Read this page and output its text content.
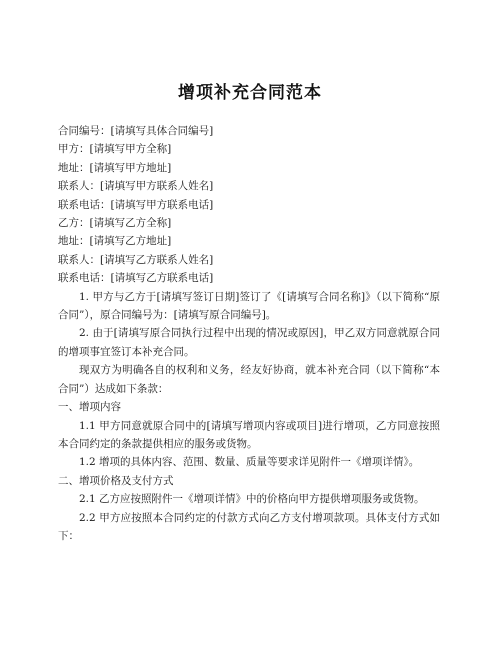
增项补充合同范本
合同编号：[请填写具体合同编号]
甲方：[请填写甲方全称]
地址：[请填写甲方地址]
联系人：[请填写甲方联系人姓名]
联系电话：[请填写甲方联系电话]
乙方：[请填写乙方全称]
地址：[请填写乙方地址]
联系人：[请填写乙方联系人姓名]
联系电话：[请填写乙方联系电话]
1. 甲方与乙方于[请填写签订日期]签订了《[请填写合同名称]》（以下简称“原合同”），原合同编号为：[请填写原合同编号]。
2. 由于[请填写原合同执行过程中出现的情况或原因]，甲乙双方同意就原合同的增项事宜签订本补充合同。
现双方为明确各自的权利和义务，经友好协商，就本补充合同（以下简称“本合同”）达成如下条款：
一、增项内容
1.1 甲方同意就原合同中的[请填写增项内容或项目]进行增项，乙方同意按照本合同约定的条款提供相应的服务或货物。
1.2 增项的具体内容、范围、数量、质量等要求详见附件一《增项详情》。
二、增项价格及支付方式
2.1 乙方应按照附件一《增项详情》中的价格向甲方提供增项服务或货物。
2.2 甲方应按照本合同约定的付款方式向乙方支付增项款项。具体支付方式如下：
